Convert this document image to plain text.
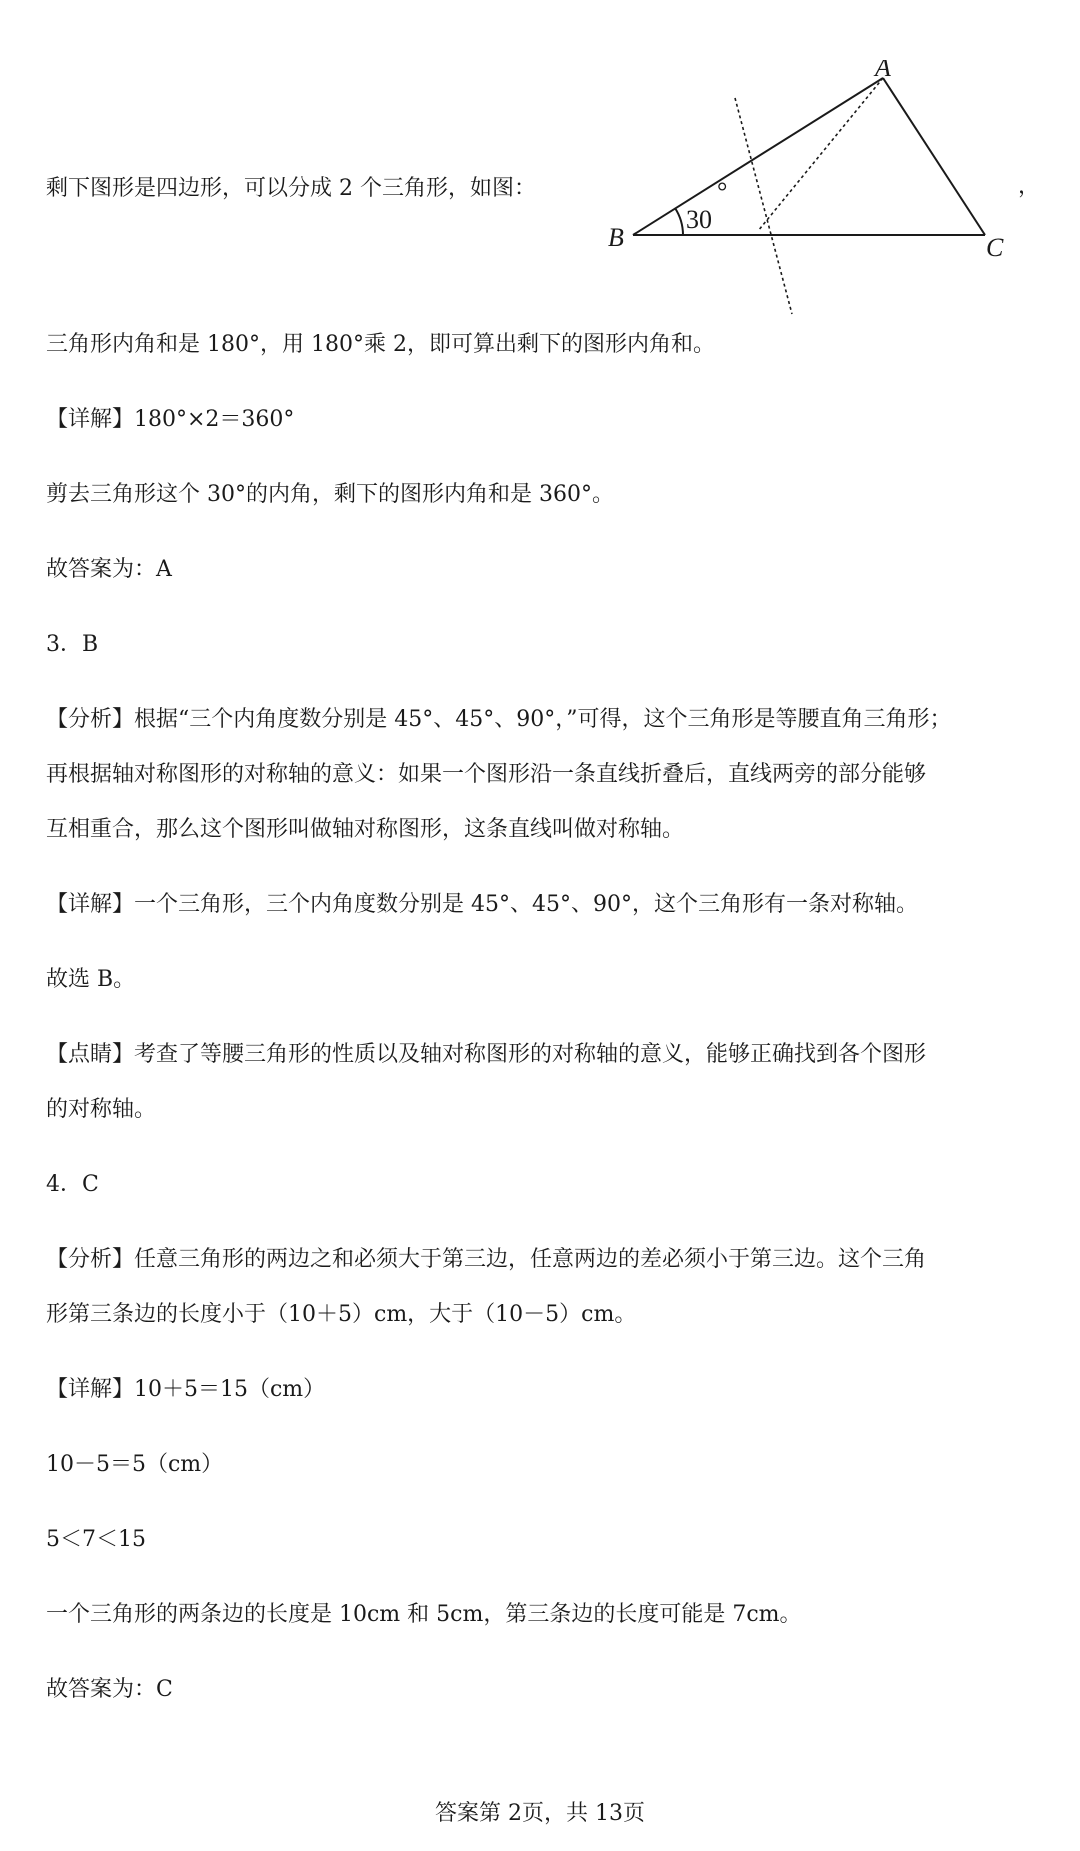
剩下图形是四边形，可以分成 2 个三角形，如图：
30
°
A
B	C
，
三角形内角和是 180°，用 180°乘 2，即可算出剩下的图形内角和。
【详解】180°×2＝360°
剪去三角形这个 30°的内角，剩下的图形内角和是 360°。
故答案为：A
3．B
【分析】根据“三个内角度数分别是 45°、45°、90°，”可得，这个三角形是等腰直角三角形；
再根据轴对称图形的对称轴的意义：如果一个图形沿一条直线折叠后，直线两旁的部分能够
互相重合，那么这个图形叫做轴对称图形，这条直线叫做对称轴。
【详解】一个三角形，三个内角度数分别是 45°、45°、90°，这个三角形有一条对称轴。
故选 B。
【点睛】考查了等腰三角形的性质以及轴对称图形的对称轴的意义，能够正确找到各个图形
的对称轴。
4．C
【分析】任意三角形的两边之和必须大于第三边，任意两边的差必须小于第三边。这个三角
形第三条边的长度小于（10＋5）cm，大于（10－5）cm。
【详解】10＋5＝15（cm）
10－5＝5（cm）
5＜7＜15
一个三角形的两条边的长度是 10cm 和 5cm，第三条边的长度可能是 7cm。
故答案为：C
答案第 2页，共 13页
